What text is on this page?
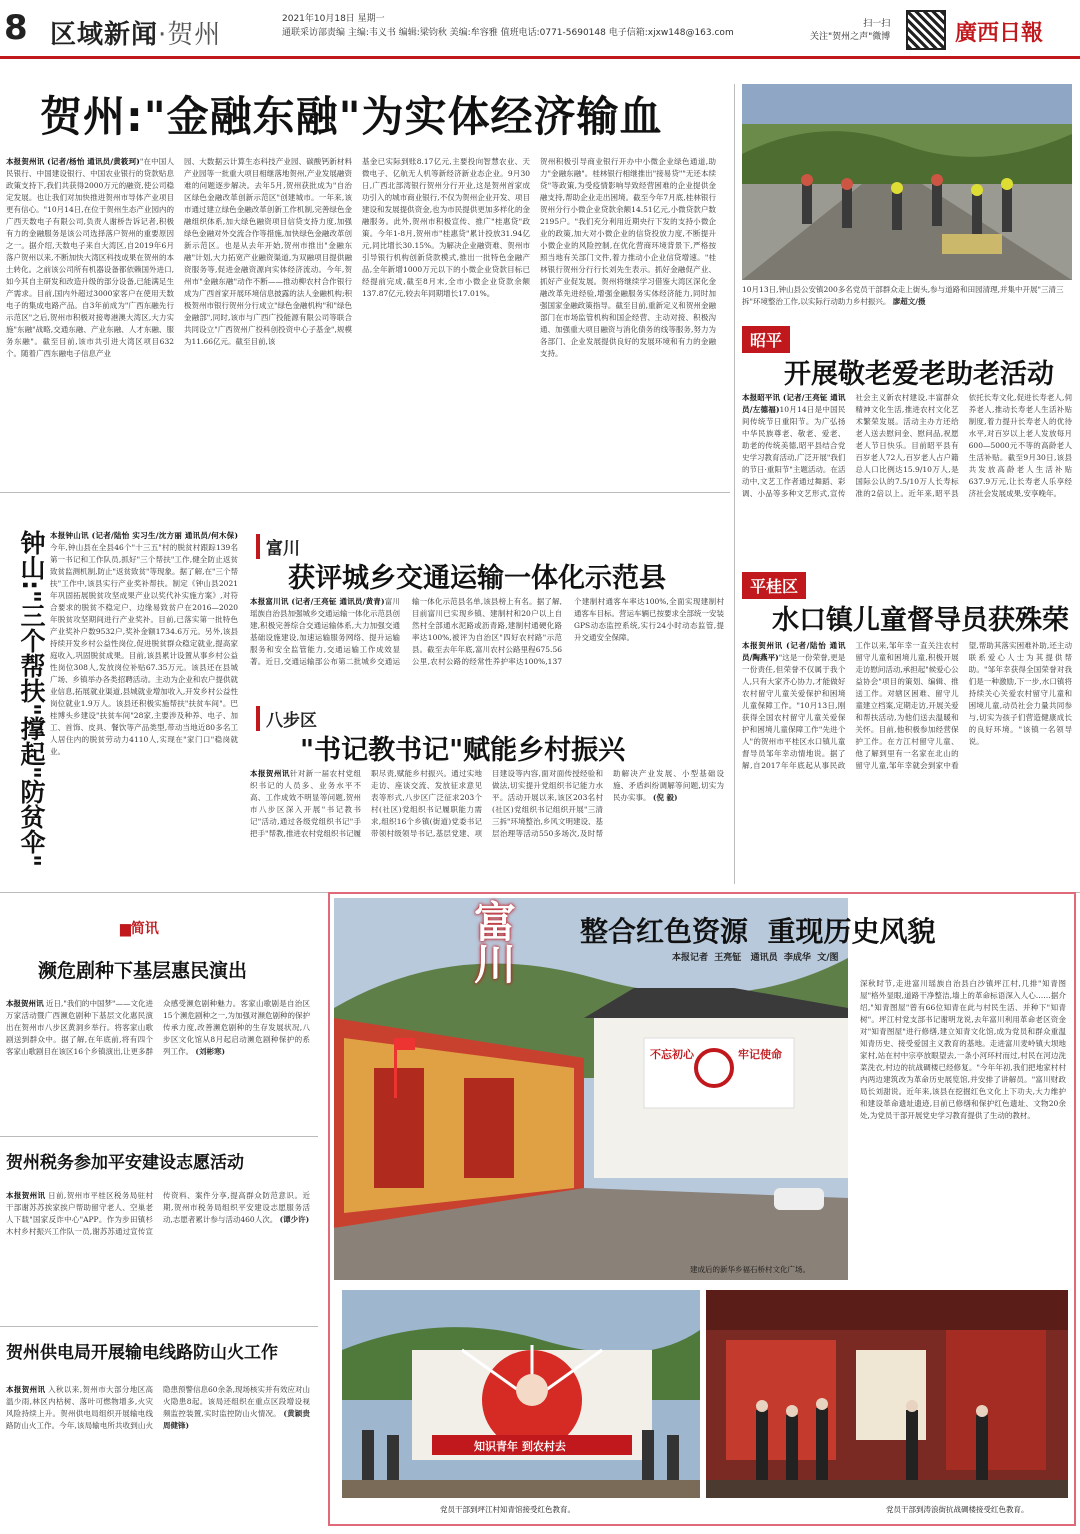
8 区域新闻·贺州
2021年10月18日 星期一
通联采访部责编 主编:韦义书 编辑:梁钧秋 美编:牟容雅 值班电话:0771-5690148 电子信箱:xjxw148@163.com
扫一扫
关注"贺州之声"微博	廣西日報
贺州:"金融东融"为实体经济输血
本报贺州讯 (记者/杨怡 通讯员/黄筱珂)"在中国人民银行、中国建设银行、中国农业银行的贷款贴息政策支持下,我们共获得2000万元的融资,使公司稳定发展。也让我们对加快推进贺州市导体产业项目更有信心。"10月14日,在位于贺州生态产业园内的广西天数电子有限公司,负责人谢桥告诉记者,积极有力的金融服务是该公司选择落户贺州的重要原因之一。据介绍,天数电子来自大湾区,自2019年6月落户贺州以来,不断加快大湾区科技成果在贺州的本土转化。之前该公司所有机器设备都依赖国外进口,如今其自主研发和改造升级的部分设备,已能满足生产需求。目前,国内外超过3000家客户在使用天数电子的集成电路产品。自3年前成为"广西东融先行示范区"之后,贺州市积极对接粤港澳大湾区,大力实施"东融"战略,交通东融、产业东融、人才东融、服务东融"。截至目前,该市共引进大湾区项目632个。随着广西东融电子信息产业
园、大数据云计算生态科技产业园、碳酸钙新材料产业园等一批重大项目相继落地贺州,产业发展融资难的问题逐步解决。去年5月,贺州获批成为"自治区绿色金融改革创新示范区"创建城市。一年来,该市通过建立绿色金融改革创新工作机制,完善绿色金融组织体系,加大绿色融资项目信贷支持力度,加强绿色金融对外交流合作等措施,加快绿色金融改革创新示范区。也是从去年开始,贺州市推出"金融东融"计划,大力拓宽产业融资渠道,为双融项目提供融资服务等,促进金融资源向实体经济流动。今年,贺州市"金融东融"动作不断——推动柳农村合作银行成为广西首家开展环境信息披露的法人金融机构;积极贺州市银行贺州分行成立"绿色金融机构"和"绿色金融部",同时,该市与广西广投能源有限公司等联合共同设立"广西贺州广投科创投资中心子基金",规模为11.66亿元。截至目前,该
基金已实际到账8.17亿元,主要投向智慧农业、天微电子、亿航无人机等新经济新业态企业。9月30日,广西北部湾银行贺州分行开业,这是贺州首家成功引入的城市商业银行,不仅为贺州企业开发、项目建设和发展提供资金,也为市民提供更加多样化的金融服务。此外,贺州市积极宣传、推广"桂惠贷"政策。今年1-8月,贺州市"桂惠贷"累计投放31.94亿元,同比增长30.15%。为解决企业融资难、贺州市引导银行机构创新贷款模式,推出一批特色金融产品,全年新增1000万元以下的小微企业贷款目标已经提前完成,截至8月末,全市小微企业贷款余额137.87亿元,较去年同期增长17.01%。
贺州积极引导商业银行开办中小微企业绿色通道,助力"金融东融"。桂林银行相继推出"接易贷""无还本续贷"等政策,为受疫情影响导致经营困难的企业提供金融支持,帮助企业走出困境。截至今年7月底,桂林银行贺州分行小微企业贷款余额14.51亿元,小微贷款户数2195户。"我们充分利用近期央行下发的支持小微企业的政策,加大对小微企业的信贷投放力度,不断提升小微企业的风险控制,在优化营商环境背景下,严格按照当地有关部门文件,着力推动小企业信贷增速。"桂林银行贺州分行行长刘先生表示。抓好金融促产业、抓好产业促发展。贺州将继续学习借鉴大湾区深化金融改革先进经验,增强金融服务实体经济能力,同时加强国家金融政策指导。截至目前,重新定义和贺州金融部门在市场监管机构和国企经营、主动对接、积极沟通、加强重大项目融资与消化债务的线等服务,努力为各部门、企业发展提供良好的发展环境和有力的金融支持。
10月13日,钟山县公安镇200多名党员干部群众走上街头,参与道路和田园清理,并集中开展"三清三拆"环境整治工作,以实际行动助力乡村振兴。 廖超文/摄
昭平
开展敬老爱老助老活动
本报昭平讯 (记者/王亮钲 通讯员/左德福)10月14日是中国民间传统节日重阳节。为广弘扬中华民族尊老、敬老、爱老、助老的传统美德,昭平县结合党史学习教育活动,广泛开展"我们的节日·重阳节"主题活动。在活动中,文艺工作者通过舞蹈、彩调、小品等多种文艺形式,宣传社会主义新农村建设,丰富群众精神文化生活,推进农村文化艺术繁荣发展。活动主办方还给老人送去慰问金、慰问品,祝愿老人节日快乐。目前昭平县有百岁老人72人,百岁老人占户籍总人口比例达15.9/10万人,是国际公认的7.5/10万人长寿标准的2倍以上。近年来,昭平县依托长寿文化,促进长寿老人,伺养老人,推动长寿老人生活补贴制度,着力提升长寿老人的优待水平,对百岁以上老人发放每月600—5000元不等的高龄老人生活补贴。截至9月30日,该县共发放高龄老人生活补贴637.9万元,让长寿老人乐享经济社会发展成果,安享晚年。
钟山:"三个帮扶"撑起"防贫伞" 本报钟山讯 (记者/陆怡 实习生/沈方丽 通讯员/何木保)今年,钟山县在全县46个"十三五"村的脱贫村跟踪139名第一书记和工作队员,抓好"三个帮扶"工作,健全防止返贫致贫监测机制,防止"返贫致贫"等现象。据了解,在"三个帮扶"工作中,该县实行产业奖补帮扶。制定《钟山县2021年巩固拓展脱贫攻坚成果产业以奖代补实施方案》,对符合要求的脱贫不稳定户、边缘易致贫户在2016—2020年脱贫攻坚期间进行产业奖补。目前,已落实第一批特色产业奖补户数9532户,奖补金额1734.6万元。另外,该县持续开发乡村公益性岗位,促进脱贫群众稳定就业,提高家庭收入,巩固脱贫成果。目前,该县累计设置从事乡村公益性岗位308人,发放岗位补贴67.35万元。该县还在县城广场、乡镇举办各类招聘活动。主动为企业和农户提供就业信息,拓展就业渠道,县城就业增加收入,开发乡村公益性岗位就业1.9万人。该县还积极实施帮扶"扶贫车间"。巴桂博头乡建设"扶贫车间"28家,主要涉及种养、电子、加工、首饰、皮具、餐饮等产品类型,带动当地近80多名工人居住内的脱贫劳动力4110人,实现在"家门口"稳岗就业。
富川
获评城乡交通运输一体化示范县
本报富川讯 (记者/王亮钲 通讯员/黄青)富川瑶族自治县加强城乡交通运输一体化示范县创建,积极完善综合交通运输体系,大力加强交通基础设施建设,加速运输服务网络、提升运输服务和安全监管能力,交通运输工作成效显著。近日,交通运输部公布第二批城乡交通运输一体化示范县名单,该县榜上有名。据了解,目前富川已实现乡镇、建制村和20户以上自然村全部通水泥路或沥青路,建制村通硬化路率达100%,被评为自治区"四好农村路"示范县。截至去年年底,富川农村公路里程675.56公里,农村公路的经常性养护率达100%,137个建制村通客车率达100%,全面实现建制村通客车目标。营运车辆已按要求全部统一安装GPS动态监控系统,实行24小时动态监管,提升交通安全保障。
八步区
"书记教书记"赋能乡村振兴
本报贺州讯针对新一届农村党组织书记的人员多、业务水平不高、工作成效不明显等问题,贺州市八步区深入开展"书记教书记"活动,通过各级党组织书记"手把手"帮教,推进农村党组织书记履职尽责,赋能乡村振兴。通过实地走访、座谈交流、发放征求意见表等形式,八步区广泛征求203个村(社区)党组织书记履职能力需求,组织16个乡镇(街道)党委书记带领村级领导书记,基层党建、项目建设等内容,面对面传授经验和做法,切实提升党组织书记能力水平。活动开展以来,该区203名村(社区)党组织书记组织开展"三清三拆"环境整治,乡风文明建设、基层治理等活动550多场次,及时帮助解决产业发展、小型基础设施、矛盾纠纷调解等问题,切实为民办实事。 (倪 毅)
平桂区
水口镇儿童督导员获殊荣
本报贺州讯 (记者/陆怡 通讯员/陶燕平)"这是一份荣誉,更是一份责任,但荣誉不仅属于我个人,只有大家齐心协力,才能做好农村留守儿童关爱保护和困境儿童保障工作。"10月13日,刚获得全国农村留守儿童关爱保护和困境儿童保障工作"先进个人"的贺州市平桂区水口镇儿童督导员邹年幸动情地说。据了解,自2017年年底起从事民政工作以来,邹年幸一直关注农村留守儿童和困境儿童,积极开展走访慰问活动,承担起"候爱心公益协会"项目的策划、编辑、推送工作。对辖区困难、留守儿童建立档案,定期走访,开展关爱和帮扶活动,为他们送去温暖和关怀。目前,他积极参加经营保护工作。在方江村留守儿童、他了解到里有一名家在北山的留守儿童,邹年幸就会到家中看望,帮助其落实困难补助,还主动联系爱心人士为其提供帮助。"邹年幸获得全国荣誉对我们是一种激励,下一步,水口镇将持续关心关爱农村留守儿童和困境儿童,动员社会力量共同参与,切实为孩子们营造健康成长的良好环境。"该镇一名领导说。
▆简讯
濒危剧种下基层惠民演出
本报贺州讯 近日,"我们的中国梦"——文化进万家活动暨广西濒危剧种下基层文化惠民演出在贺州市八步区黄洞乡举行。将客家山歌剧送到群众中。据了解,在年底前,将有四个客家山歌剧目在该区16个乡镇演出,让更多群众感受濒危剧种魅力。客家山歌剧是自治区15个濒危剧种之一,为加强对濒危剧种的保护传承力度,改善濒危剧种的生存发展状况,八步区文化馆从8月起启动濒危剧种保护的系列工作。 (刘彬寒)
贺州税务参加平安建设志愿活动
本报贺州讯 日前,贺州市平桂区税务局驻村干部谢苏苏挨家挨户帮助留守老人、空巢老人下载"国家反诈中心"APP。作为步田镇杉木村乡村振兴工作队一员,谢苏苏通过宣传宣传资料、案件分享,提高群众防范意识。近期,贺州市税务局组织平安建设志愿服务活动,志愿者累计参与活动460人次。 (谭少许)
贺州供电局开展输电线路防山火工作
本报贺州讯 入秋以来,贺州市大部分地区高温少雨,林区内枯树、落叶可燃物增多,火灾风险持续上升。贺州供电局组织开展输电线路防山火工作。今年,该局输电所共收到山火隐患预警信息60余条,现场核实并有效应对山火隐患8起。该局还组织在重点区段增设视频监控装置,实时监控防山火情况。 (黄颖贵 周健锋)
不忘初心	牢记使命
富川 整合红色资源  重现历史风貌
本报记者  王亮钲   通讯员  李成华  文/图
深秋时节,走进富川瑶族自治县白沙镇坪江村,几排"知青图屋"格外显眼,道路干净整洁,墙上的革命标语深入人心……据介绍,"知青图屋"曾有66位知青在此与村民生活、并种下"知青树"。坪江村党支部书记谢明龙说,去年富川利用革命老区资金对"知青图屋"进行修缮,建立知青文化馆,成为党员和群众重温知青历史、接受爱国主义教育的基地。走进富川麦岭镇大坝地家村,站在村中宗亭放眼望去,一条小河环村而过,村民在河边洗菜洗衣,村边的抗战碉楼已经修复。"今年年初,我们把地家村村内两边建筑改为革命历史展览馆,并安排了讲解员。"富川财政局长刘甜说。近年来,该县在挖掘红色文化上下功夫,大力维护和建设革命遗址遗迹,目前已修缮和保护红色遗址、文物20余处,为党员干部开展党史学习教育提供了生动的教材。
建成后的新华乡福石桥村文化广场。
知识青年 到农村去
党员干部到坪江村知青馆接受红色教育。	党员干部到涛浪街抗战碉楼接受红色教育。
